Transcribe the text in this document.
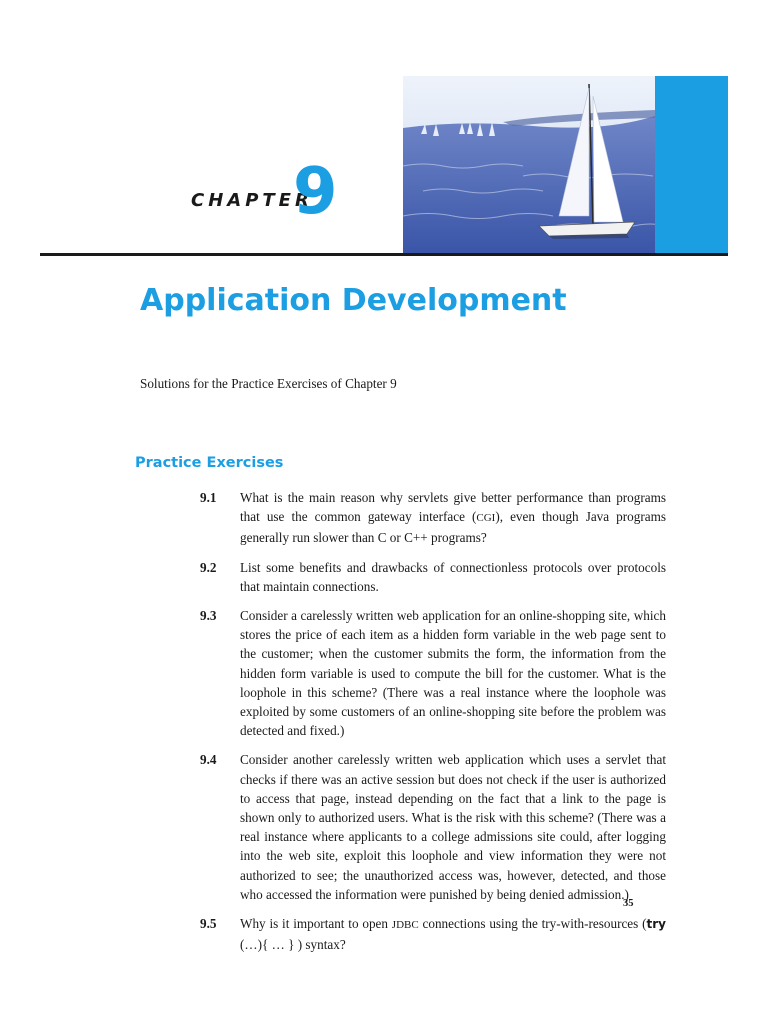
CHAPTER
9
Application Development

Solutions for the Practice Exercises of Chapter 9

Practice Exercises
9.1	What is the main reason why servlets give better performance than programs that use the common gateway interface (CGI), even though Java programs generally run slower than C or C++ programs?
9.2	List some benefits and drawbacks of connectionless protocols over protocols that maintain connections.
9.3	Consider a carelessly written web application for an online-shopping site, which stores the price of each item as a hidden form variable in the web page sent to the customer; when the customer submits the form, the information from the hidden form variable is used to compute the bill for the customer. What is the loophole in this scheme? (There was a real instance where the loophole was exploited by some customers of an online-shopping site before the problem was detected and fixed.)
9.4	Consider another carelessly written web application which uses a servlet that checks if there was an active session but does not check if the user is authorized to access that page, instead depending on the fact that a link to the page is shown only to authorized users. What is the risk with this scheme? (There was a real instance where applicants to a college admissions site could, after logging into the web site, exploit this loophole and view information they were not authorized to see; the unauthorized access was, however, detected, and those who accessed the information were punished by being denied admission.)
9.5	Why is it important to open JDBC connections using the try-with-resources (try (…){ … } ) syntax?
35
